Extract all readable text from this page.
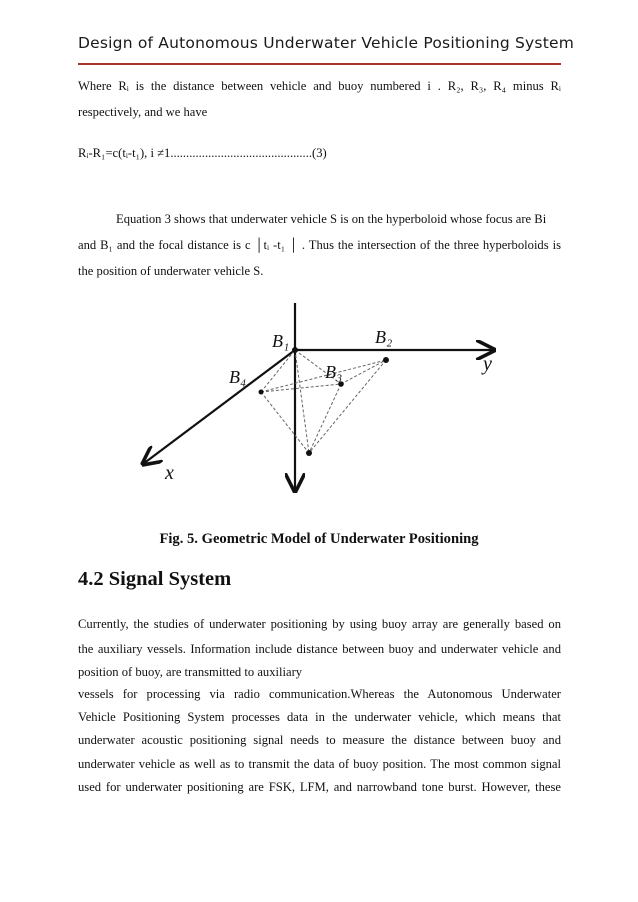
Design of Autonomous Underwater Vehicle Positioning System
Where Rᵢ is the distance between vehicle and buoy numbered i . R₂, R₃, R₄ minus Rᵢ
respectively, and we have
Rᵢ-R₁=c(tᵢ-t₁), i ≠1.............................................(3)
Equation 3 shows that underwater vehicle S is on the hyperboloid whose focus are Bi
and B₁ and the focal distance is c │tᵢ -t₁ │ . Thus the intersection of the three hyperboloids is
the position of underwater vehicle S.
B₁	B₂
B₃
B₄
y
x
Fig. 5. Geometric Model of Underwater Positioning
4.2 Signal System
Currently, the studies of underwater positioning by using buoy array are generally based on
the auxiliary vessels. Information include distance between buoy and underwater vehicle and
position of buoy, are transmitted to auxiliary
vessels for processing via radio communication.Whereas the Autonomous Underwater
Vehicle Positioning System processes data in the underwater vehicle, which means that
underwater acoustic positioning signal needs to measure the distance between buoy and
underwater vehicle as well as to transmit the data of buoy position. The most common signal
used for underwater positioning are FSK, LFM, and narrowband tone burst. However, these
